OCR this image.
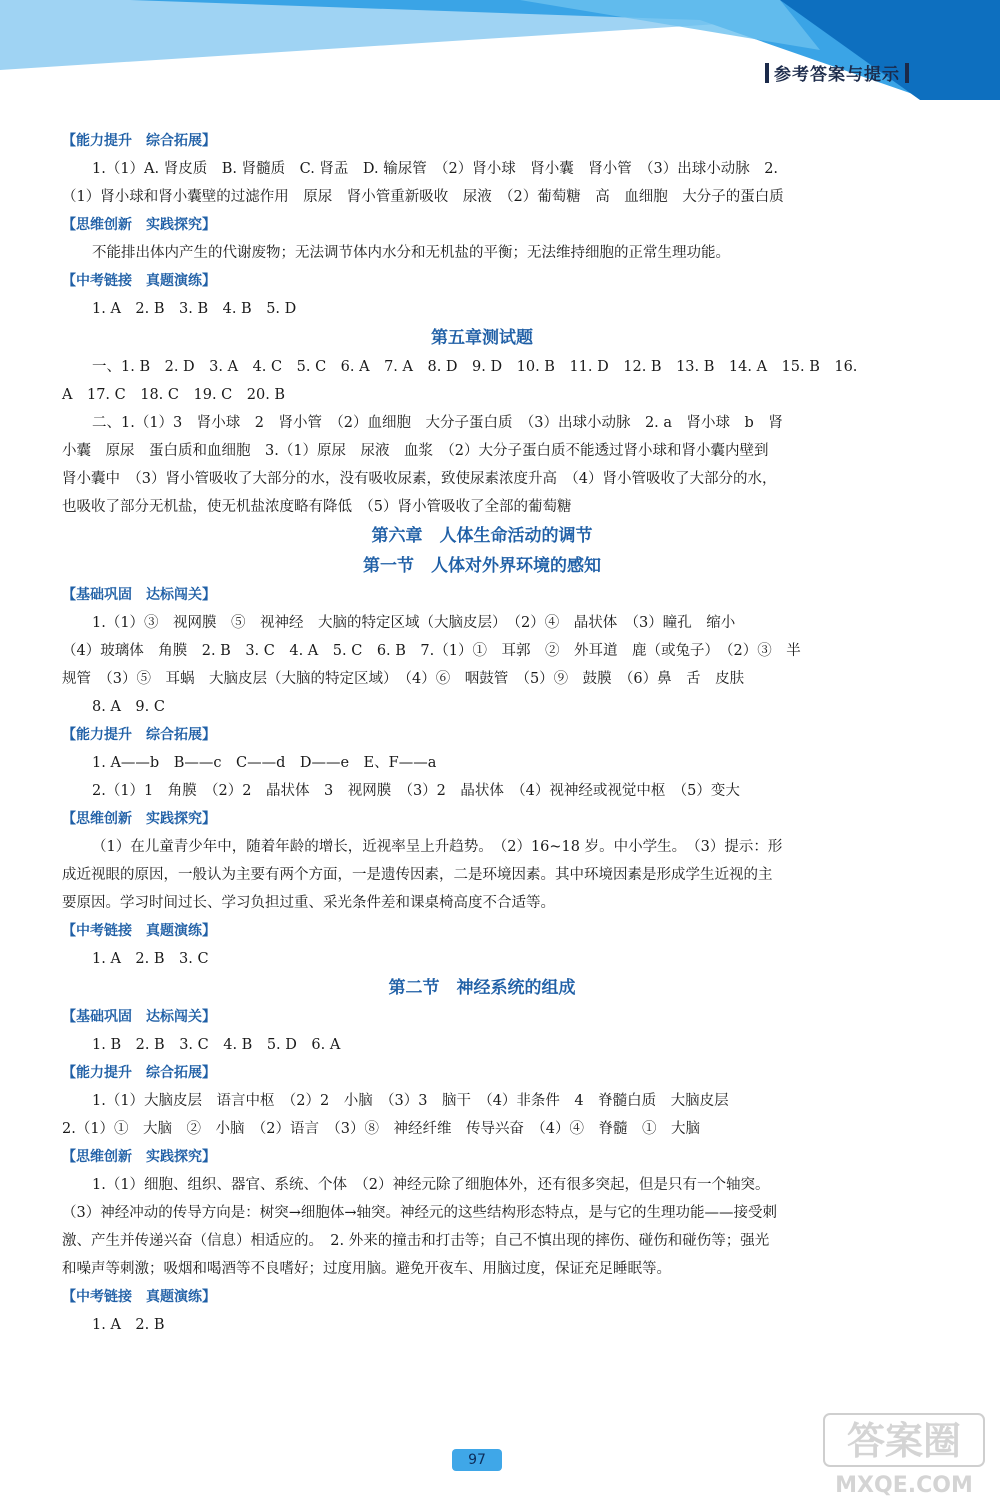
参考答案与提示
【能力提升　综合拓展】
1.（1）A. 肾皮质　B. 肾髓质　C. 肾盂　D. 输尿管　（2）肾小球　肾小囊　肾小管　（3）出球小动脉　2.
（1）肾小球和肾小囊壁的过滤作用　原尿　肾小管重新吸收　尿液　（2）葡萄糖　高　血细胞　大分子的蛋白质
【思维创新　实践探究】
不能排出体内产生的代谢废物；无法调节体内水分和无机盐的平衡；无法维持细胞的正常生理功能。
【中考链接　真题演练】
1. A　2. B　3. B　4. B　5. D
第五章测试题
一、1. B　2. D　3. A　4. C　5. C　6. A　7. A　8. D　9. D　10. B　11. D　12. B　13. B　14. A　15. B　16.
A　17. C　18. C　19. C　20. B
二、1.（1）3　肾小球　2　肾小管　（2）血细胞　大分子蛋白质　（3）出球小动脉　2. a　肾小球　b　肾
小囊　原尿　蛋白质和血细胞　3.（1）原尿　尿液　血浆　（2）大分子蛋白质不能透过肾小球和肾小囊内壁到
肾小囊中　（3）肾小管吸收了大部分的水，没有吸收尿素，致使尿素浓度升高　（4）肾小管吸收了大部分的水，
也吸收了部分无机盐，使无机盐浓度略有降低　（5）肾小管吸收了全部的葡萄糖
第六章　人体生命活动的调节
第一节　人体对外界环境的感知
【基础巩固　达标闯关】
1.（1）③　视网膜　⑤　视神经　大脑的特定区域（大脑皮层）　（2）④　晶状体　（3）瞳孔　缩小
（4）玻璃体　角膜　2. B　3. C　4. A　5. C　6. B　7.（1）①　耳郭　②　外耳道　鹿（或兔子）　（2）③　半
规管　（3）⑤　耳蜗　大脑皮层（大脑的特定区域）　（4）⑥　咽鼓管　（5）⑨　鼓膜　（6）鼻　舌　皮肤
8. A　9. C
【能力提升　综合拓展】
1. A——b　B——c　C——d　D——e　E、F——a
2.（1）1　角膜　（2）2　晶状体　3　视网膜　（3）2　晶状体　（4）视神经或视觉中枢　（5）变大
【思维创新　实践探究】
（1）在儿童青少年中，随着年龄的增长，近视率呈上升趋势。　（2）16~18 岁。中小学生。　（3）提示：形
成近视眼的原因，一般认为主要有两个方面，一是遗传因素，二是环境因素。其中环境因素是形成学生近视的主
要原因。学习时间过长、学习负担过重、采光条件差和课桌椅高度不合适等。
【中考链接　真题演练】
1. A　2. B　3. C
第二节　神经系统的组成
【基础巩固　达标闯关】
1. B　2. B　3. C　4. B　5. D　6. A
【能力提升　综合拓展】
1.（1）大脑皮层　语言中枢　（2）2　小脑　（3）3　脑干　（4）非条件　4　脊髓白质　大脑皮层
2.（1）①　大脑　②　小脑　（2）语言　（3）⑧　神经纤维　传导兴奋　（4）④　脊髓　①　大脑
【思维创新　实践探究】
1.（1）细胞、组织、器官、系统、个体　（2）神经元除了细胞体外，还有很多突起，但是只有一个轴突。
（3）神经冲动的传导方向是：树突→细胞体→轴突。神经元的这些结构形态特点，是与它的生理功能——接受刺
激、产生并传递兴奋（信息）相适应的。　2. 外来的撞击和打击等；自己不慎出现的摔伤、碰伤和碰伤等；强光
和噪声等刺激；吸烟和喝酒等不良嗜好；过度用脑。避免开夜车、用脑过度，保证充足睡眠等。
【中考链接　真题演练】
1. A　2. B
97	答案圈
MXQE.COM
